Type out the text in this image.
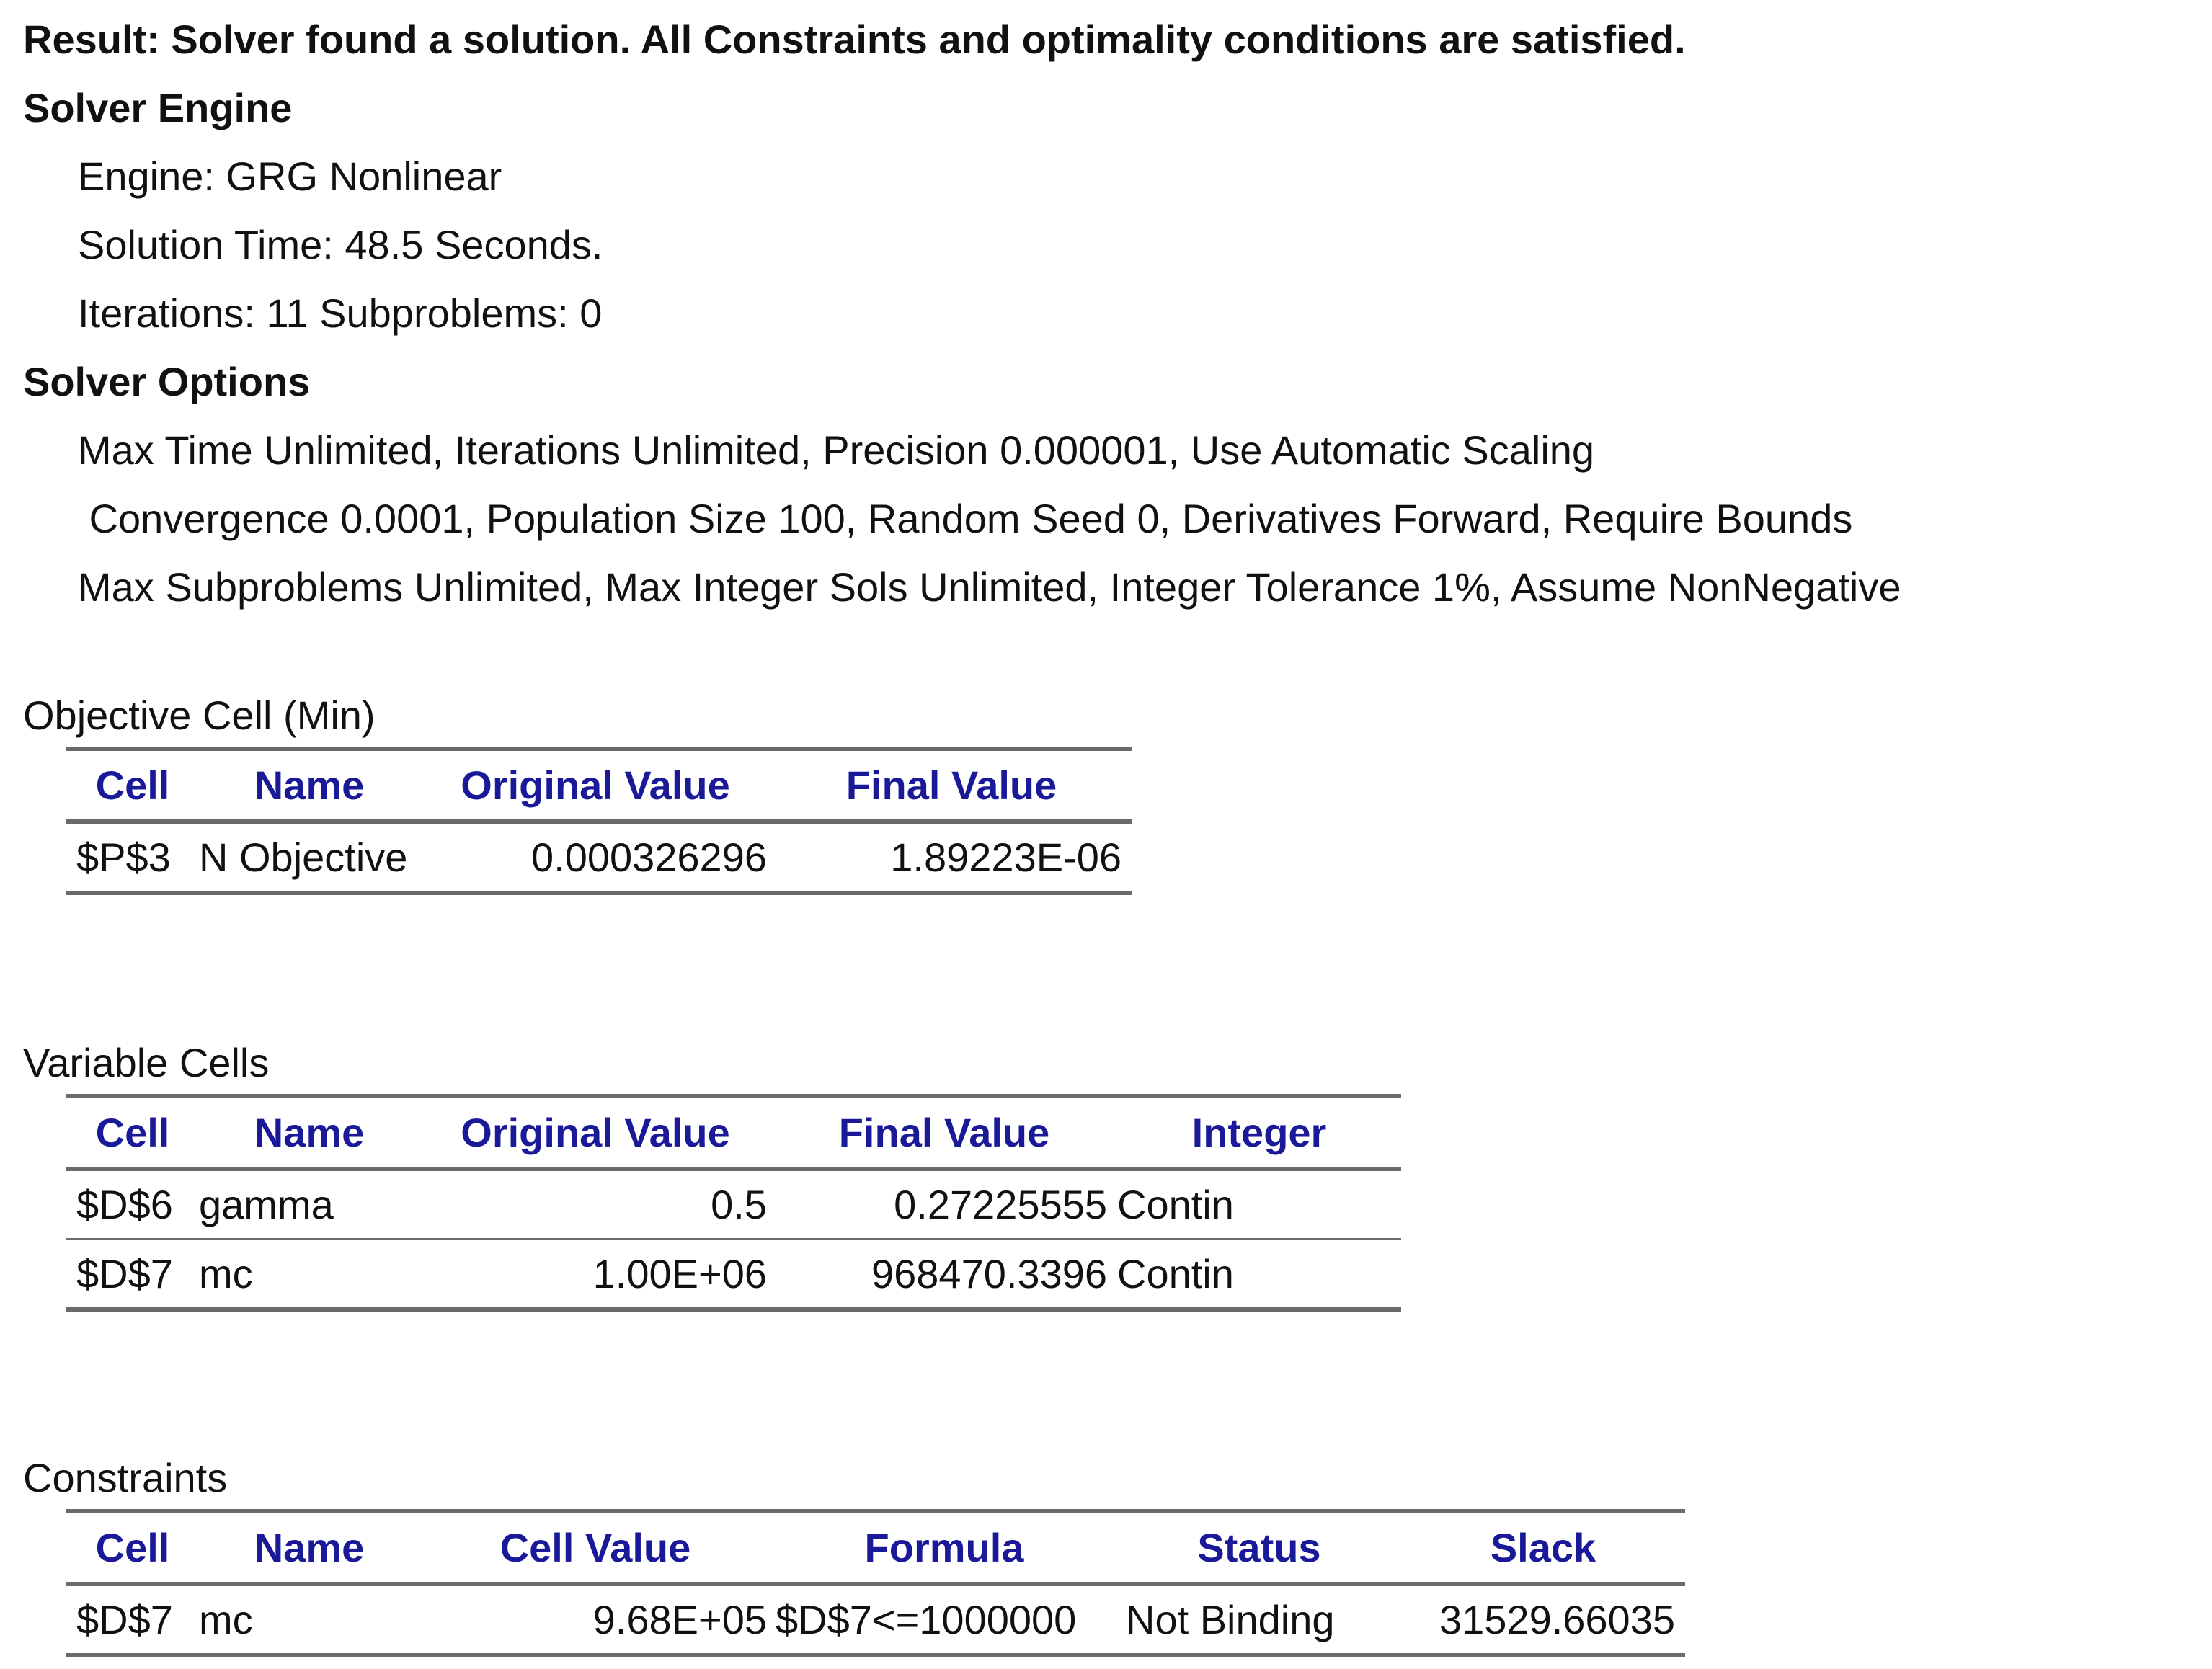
Result: Solver found a solution. All Constraints and optimality conditions are satisfied.
Solver Engine
Engine: GRG Nonlinear
Solution Time: 48.5 Seconds.
Iterations: 11 Subproblems: 0
Solver Options
Max Time Unlimited, Iterations Unlimited, Precision 0.000001, Use Automatic Scaling
Convergence 0.0001, Population Size 100, Random Seed 0, Derivatives Forward, Require Bounds
Max Subproblems Unlimited, Max Integer Sols Unlimited, Integer Tolerance 1%, Assume NonNegative
Objective Cell (Min)
Cell	Name	Original Value	Final Value
$P$3	N Objective	0.000326296	1.89223E-06
Variable Cells
Cell	Name	Original Value	Final Value	Integer
$D$6	gamma	0.5	0.27225555	Contin
$D$7	mc	1.00E+06	968470.3396	Contin
Constraints
Cell	Name	Cell Value	Formula	Status	Slack
$D$7	mc	9.68E+05	$D$7<=1000000	Not Binding	31529.66035
